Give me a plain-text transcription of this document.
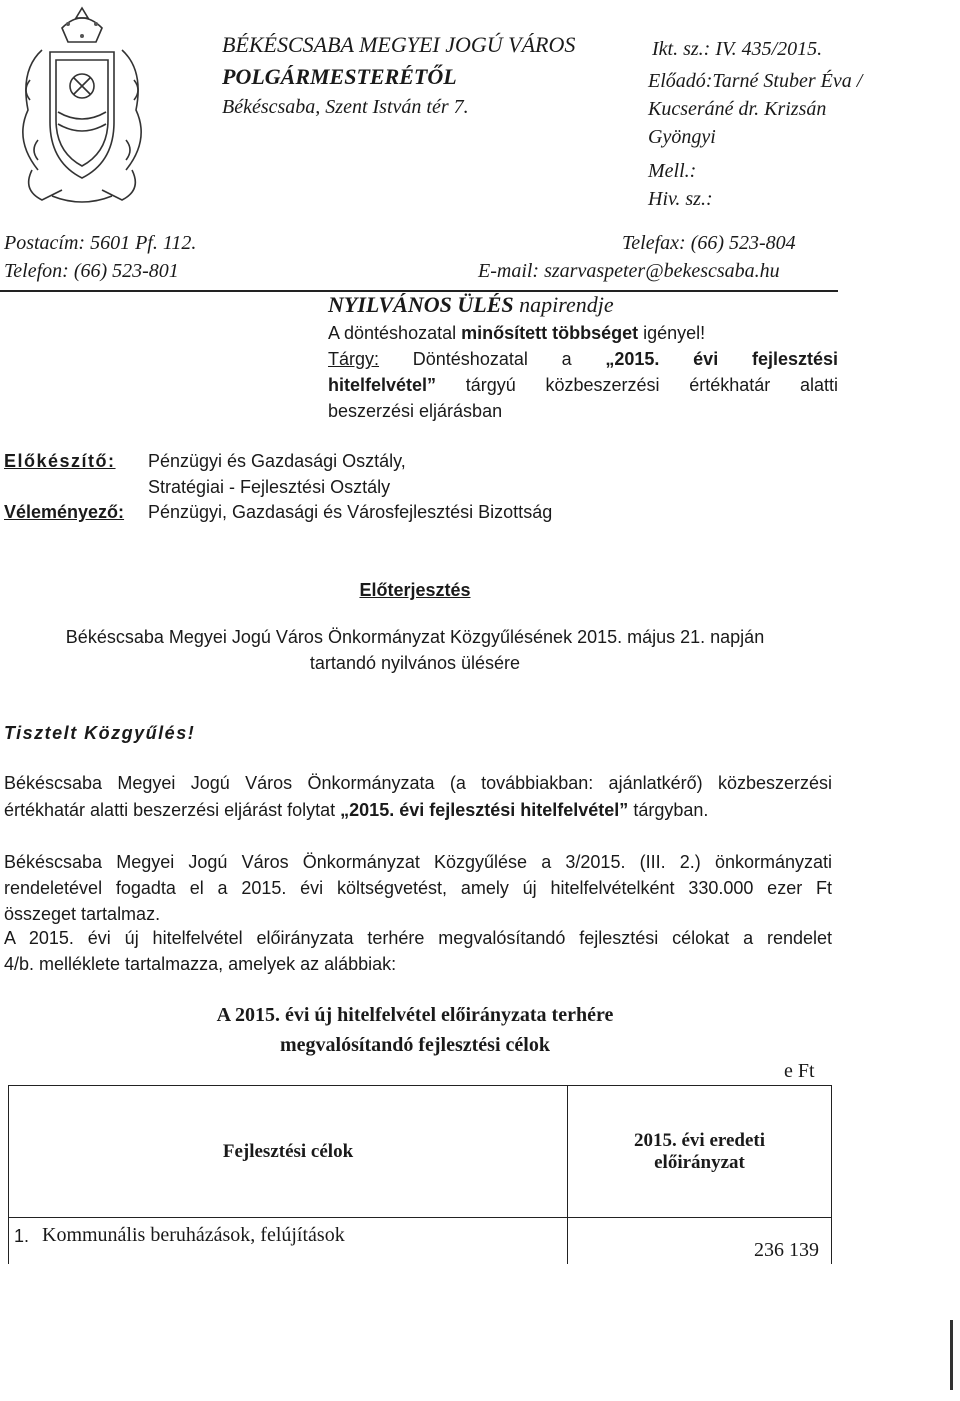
BÉKÉSCSABA MEGYEI JOGÚ VÁROS
POLGÁRMESTERÉTŐL
Békéscsaba, Szent István tér 7.
Ikt. sz.: IV. 435/2015.
Előadó:Tarné Stuber Éva /
Kucseráné dr. Krizsán
Gyöngyi
Mell.:
Hiv. sz.:
Postacím: 5601 Pf. 112.
Telefon: (66) 523-801
Telefax: (66) 523-804
E-mail: szarvaspeter@bekescsaba.hu
NYILVÁNOS ÜLÉS napirendje
A döntéshozatal minősített többséget igényel!
Tárgy: Döntéshozatal a „2015. évi fejlesztési
hitelfelvétel” tárgyú közbeszerzési értékhatár alatti
beszerzési eljárásban
Előkészítő: Pénzügyi és Gazdasági Osztály,
Stratégiai - Fejlesztési Osztály
Véleményező: Pénzügyi, Gazdasági és Városfejlesztési Bizottság
Előterjesztés
Békéscsaba Megyei Jogú Város Önkormányzat Közgyűlésének 2015. május 21. napján
tartandó nyilvános ülésére
Tisztelt Közgyűlés!
Békéscsaba Megyei Jogú Város Önkormányzata (a továbbiakban: ajánlatkérő) közbeszerzési
értékhatár alatti beszerzési eljárást folytat „2015. évi fejlesztési hitelfelvétel” tárgyban.
Békéscsaba Megyei Jogú Város Önkormányzat Közgyűlése a 3/2015. (III. 2.) önkormányzati
rendeletével fogadta el a 2015. évi költségvetést, amely új hitelfelvételként 330.000 ezer Ft
összeget tartalmaz.
A 2015. évi új hitelfelvétel előirányzata terhére megvalósítandó fejlesztési célokat a rendelet
4/b. melléklete tartalmazza, amelyek az alábbiak:
A 2015. évi új hitelfelvétel előirányzata terhére
megvalósítandó fejlesztési célok
e Ft
Fejlesztési célok	2015. évi eredeti
előirányzat

1. Kommunális beruházások, felújítások	236 139
